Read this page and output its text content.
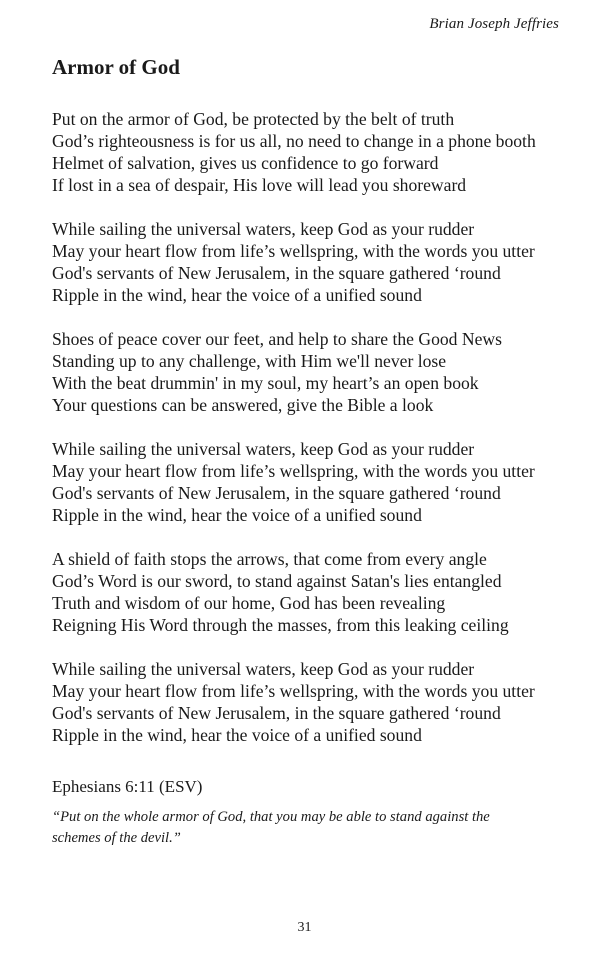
Brian Joseph Jeffries
Armor of God
Put on the armor of God, be protected by the belt of truth
God’s righteousness is for us all, no need to change in a phone booth
Helmet of salvation, gives us confidence to go forward
If lost in a sea of despair, His love will lead you shoreward
While sailing the universal waters, keep God as your rudder
May your heart flow from life’s wellspring, with the words you utter
God's servants of New Jerusalem, in the square gathered ‘round
Ripple in the wind, hear the voice of a unified sound
Shoes of peace cover our feet, and help to share the Good News
Standing up to any challenge, with Him we'll never lose
With the beat drummin' in my soul, my heart’s an open book
Your questions can be answered, give the Bible a look
While sailing the universal waters, keep God as your rudder
May your heart flow from life’s wellspring, with the words you utter
God's servants of New Jerusalem, in the square gathered ‘round
Ripple in the wind, hear the voice of a unified sound
A shield of faith stops the arrows, that come from every angle
God’s Word is our sword, to stand against Satan's lies entangled
Truth and wisdom of our home, God has been revealing
Reigning His Word through the masses, from this leaking ceiling
While sailing the universal waters, keep God as your rudder
May your heart flow from life’s wellspring, with the words you utter
God's servants of New Jerusalem, in the square gathered ‘round
Ripple in the wind, hear the voice of a unified sound
Ephesians 6:11 (ESV)
“Put on the whole armor of God, that you may be able to stand against the
schemes of the devil.”
31
